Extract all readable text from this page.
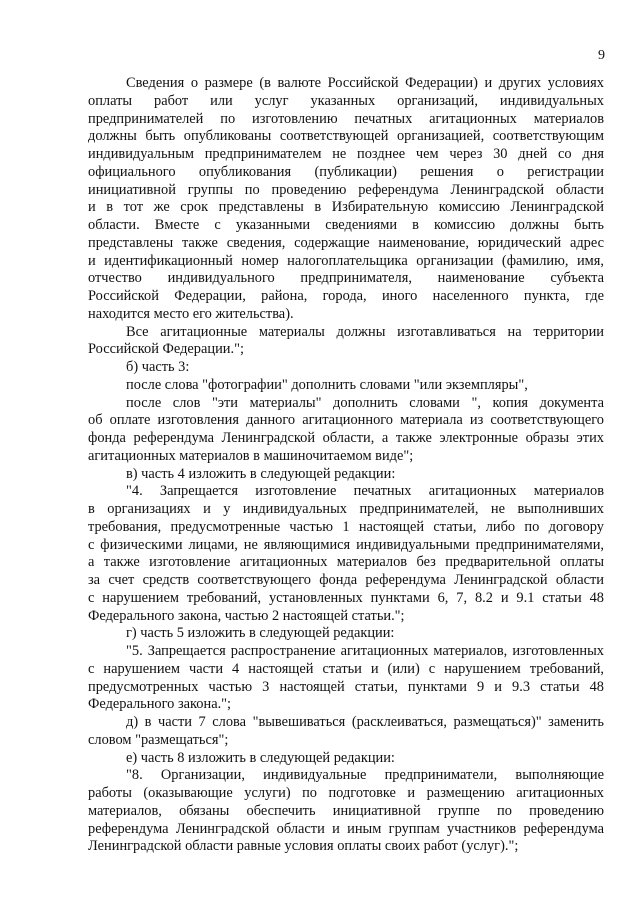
9
Сведения о размере (в валюте Российской Федерации) и других условиях
оплаты работ или услуг указанных организаций, индивидуальных
предпринимателей по изготовлению печатных агитационных материалов
должны быть опубликованы соответствующей организацией, соответствующим
индивидуальным предпринимателем не позднее чем через 30 дней со дня
официального опубликования (публикации) решения о регистрации
инициативной группы по проведению референдума Ленинградской области
и в тот же срок представлены в Избирательную комиссию Ленинградской
области. Вместе с указанными сведениями в комиссию должны быть
представлены также сведения, содержащие наименование, юридический адрес
и идентификационный номер налогоплательщика организации (фамилию, имя,
отчество индивидуального предпринимателя, наименование субъекта
Российской Федерации, района, города, иного населенного пункта, где
находится место его жительства).
Все агитационные материалы должны изготавливаться на территории
Российской Федерации.";
б) часть 3:
после слова "фотографии" дополнить словами "или экземпляры",
после слов "эти материалы" дополнить словами ", копия документа
об оплате изготовления данного агитационного материала из соответствующего
фонда референдума Ленинградской области, а также электронные образы этих
агитационных материалов в машиночитаемом виде";
в) часть 4 изложить в следующей редакции:
"4. Запрещается изготовление печатных агитационных материалов
в организациях и у индивидуальных предпринимателей, не выполнивших
требования, предусмотренные частью 1 настоящей статьи, либо по договору
с физическими лицами, не являющимися индивидуальными предпринимателями,
а также изготовление агитационных материалов без предварительной оплаты
за счет средств соответствующего фонда референдума Ленинградской области
с нарушением требований, установленных пунктами 6, 7, 8.2 и 9.1 статьи 48
Федерального закона, частью 2 настоящей статьи.";
г) часть 5 изложить в следующей редакции:
"5. Запрещается распространение агитационных материалов, изготовленных
с нарушением части 4 настоящей статьи и (или) с нарушением требований,
предусмотренных частью 3 настоящей статьи, пунктами 9 и 9.3 статьи 48
Федерального закона.";
д) в части 7 слова "вывешиваться (расклеиваться, размещаться)" заменить
словом "размещаться";
е) часть 8 изложить в следующей редакции:
"8. Организации, индивидуальные предприниматели, выполняющие
работы (оказывающие услуги) по подготовке и размещению агитационных
материалов, обязаны обеспечить инициативной группе по проведению
референдума Ленинградской области и иным группам участников референдума
Ленинградской области равные условия оплаты своих работ (услуг).";
